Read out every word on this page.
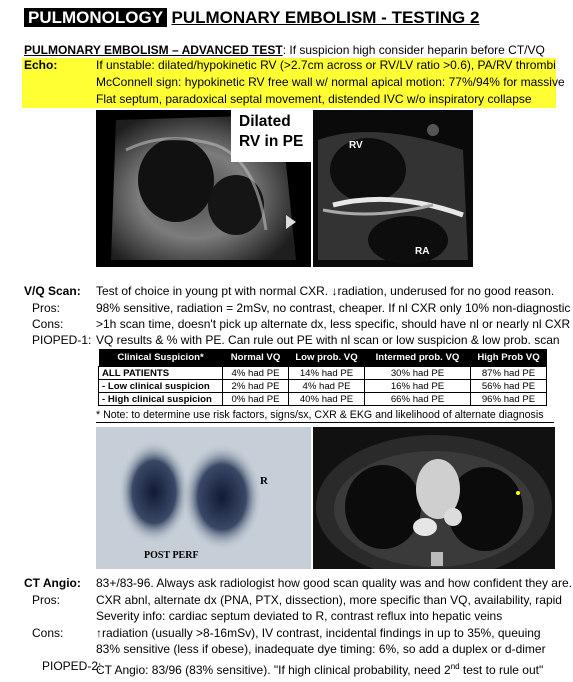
PULMONOLOGY PULMONARY EMBOLISM - TESTING 2
PULMONARY EMBOLISM – ADVANCED TEST: If suspicion high consider heparin before CT/VQ
Echo:	If unstable: dilated/hypokinetic RV (>2.7cm across or RV/LV ratio >0.6), PA/RV thrombi
McConnell sign: hypokinetic RV free wall w/ normal apical motion: 77%/94% for massive
Flat septum, paradoxical septal movement, distended IVC w/o inspiratory collapse
Dilated
RV in PE	RV
RA
V/Q Scan: Test of choice in young pt with normal CXR. ↓radiation, underused for no good reason.
Pros:	98% sensitive, radiation = 2mSv, no contrast, cheaper. If nl CXR only 10% non-diagnostic
Cons:	>1h scan time, doesn't pick up alternate dx, less specific, should have nl or nearly nl CXR
PIOPED-1: VQ results & % with PE. Can rule out PE with nl scan or low suspicion & low prob. scan
Clinical Suspicion*	Normal VQ	Low prob. VQ	Intermed prob. VQ	High Prob VQ
ALL PATIENTS	4% had PE	14% had PE	30% had PE	87% had PE
- Low clinical suspicion	2% had PE	4% had PE	16% had PE	56% had PE
- High clinical suspicion	0% had PE	40% had PE	66% had PE	96% had PE
* Note: to determine use risk factors, signs/sx, CXR & EKG and likelihood of alternate diagnosis
R
POST PERF
CT Angio: 83+/83-96. Always ask radiologist how good scan quality was and how confident they are.
Pros:	CXR abnl, alternate dx (PNA, PTX, dissection), more specific than VQ, availability, rapid
Severity info: cardiac septum deviated to R, contrast reflux into hepatic veins
Cons:	↑radiation (usually >8-16mSv), IV contrast, incidental findings in up to 35%, queuing
83% sensitive (less if obese), inadequate dye timing: 6%, so add a duplex or d-dimer
PIOPED-2:
CT Angio: 83/96 (83% sensitive). "If high clinical probability, need 2nd test to rule out"
